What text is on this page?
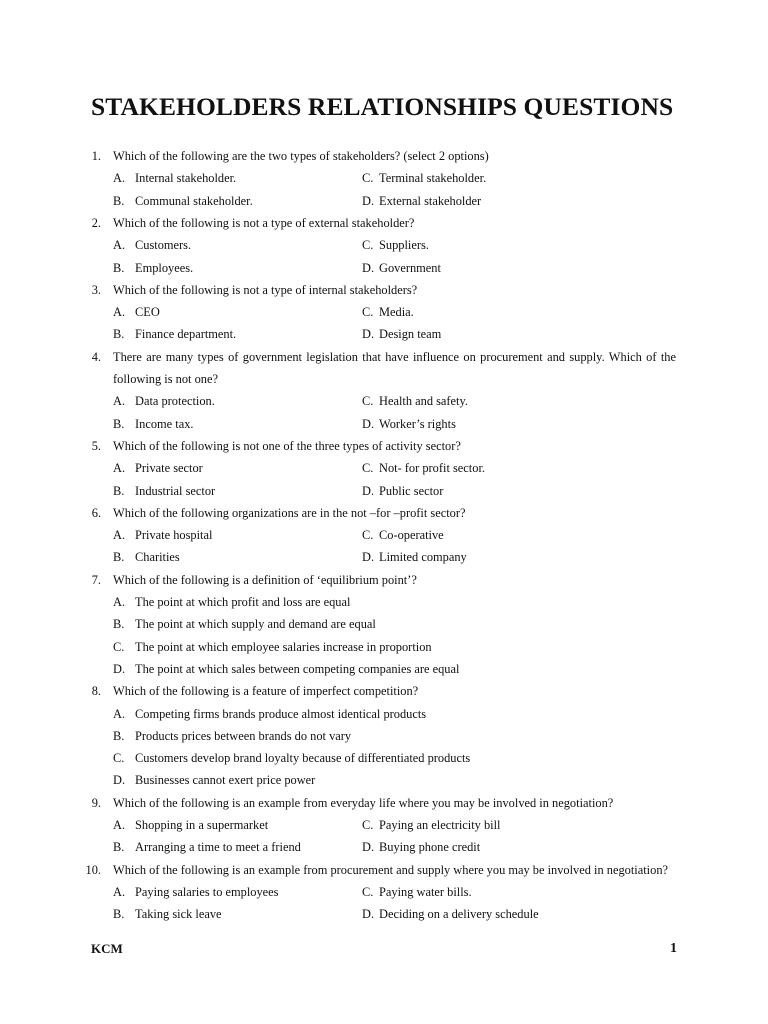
STAKEHOLDERS RELATIONSHIPS QUESTIONS
1. Which of the following are the two types of stakeholders? (select 2 options)
A. Internal stakeholder.	C. Terminal stakeholder.
B. Communal stakeholder.	D. External stakeholder
2. Which of the following is not a type of external stakeholder?
A. Customers.	C. Suppliers.
B. Employees.	D. Government
3. Which of the following is not a type of internal stakeholders?
A. CEO	C. Media.
B. Finance department.	D. Design team
4. There are many types of government legislation that have influence on procurement and supply. Which of the
following is not one?
A. Data protection.	C. Health and safety.
B. Income tax.	D. Worker’s rights
5. Which of the following is not one of the three types of activity sector?
A. Private sector	C. Not- for profit sector.
B. Industrial sector	D. Public sector
6. Which of the following organizations are in the not –for –profit sector?
A. Private hospital	C. Co-operative
B. Charities	D. Limited company
7. Which of the following is a definition of ‘equilibrium point’?
A. The point at which profit and loss are equal
B. The point at which supply and demand are equal
C. The point at which employee salaries increase in proportion
D. The point at which sales between competing companies are equal
8. Which of the following is a feature of imperfect competition?
A. Competing firms brands produce almost identical products
B. Products prices between brands do not vary
C. Customers develop brand loyalty because of differentiated products
D. Businesses cannot exert price power
9. Which of the following is an example from everyday life where you may be involved in negotiation?
A. Shopping in a supermarket	C. Paying an electricity bill
B. Arranging a time to meet a friend	D. Buying phone credit
10. Which of the following is an example from procurement and supply where you may be involved in negotiation?
A. Paying salaries to employees	C. Paying water bills.
B. Taking sick leave	D. Deciding on a delivery schedule
KCM	1
